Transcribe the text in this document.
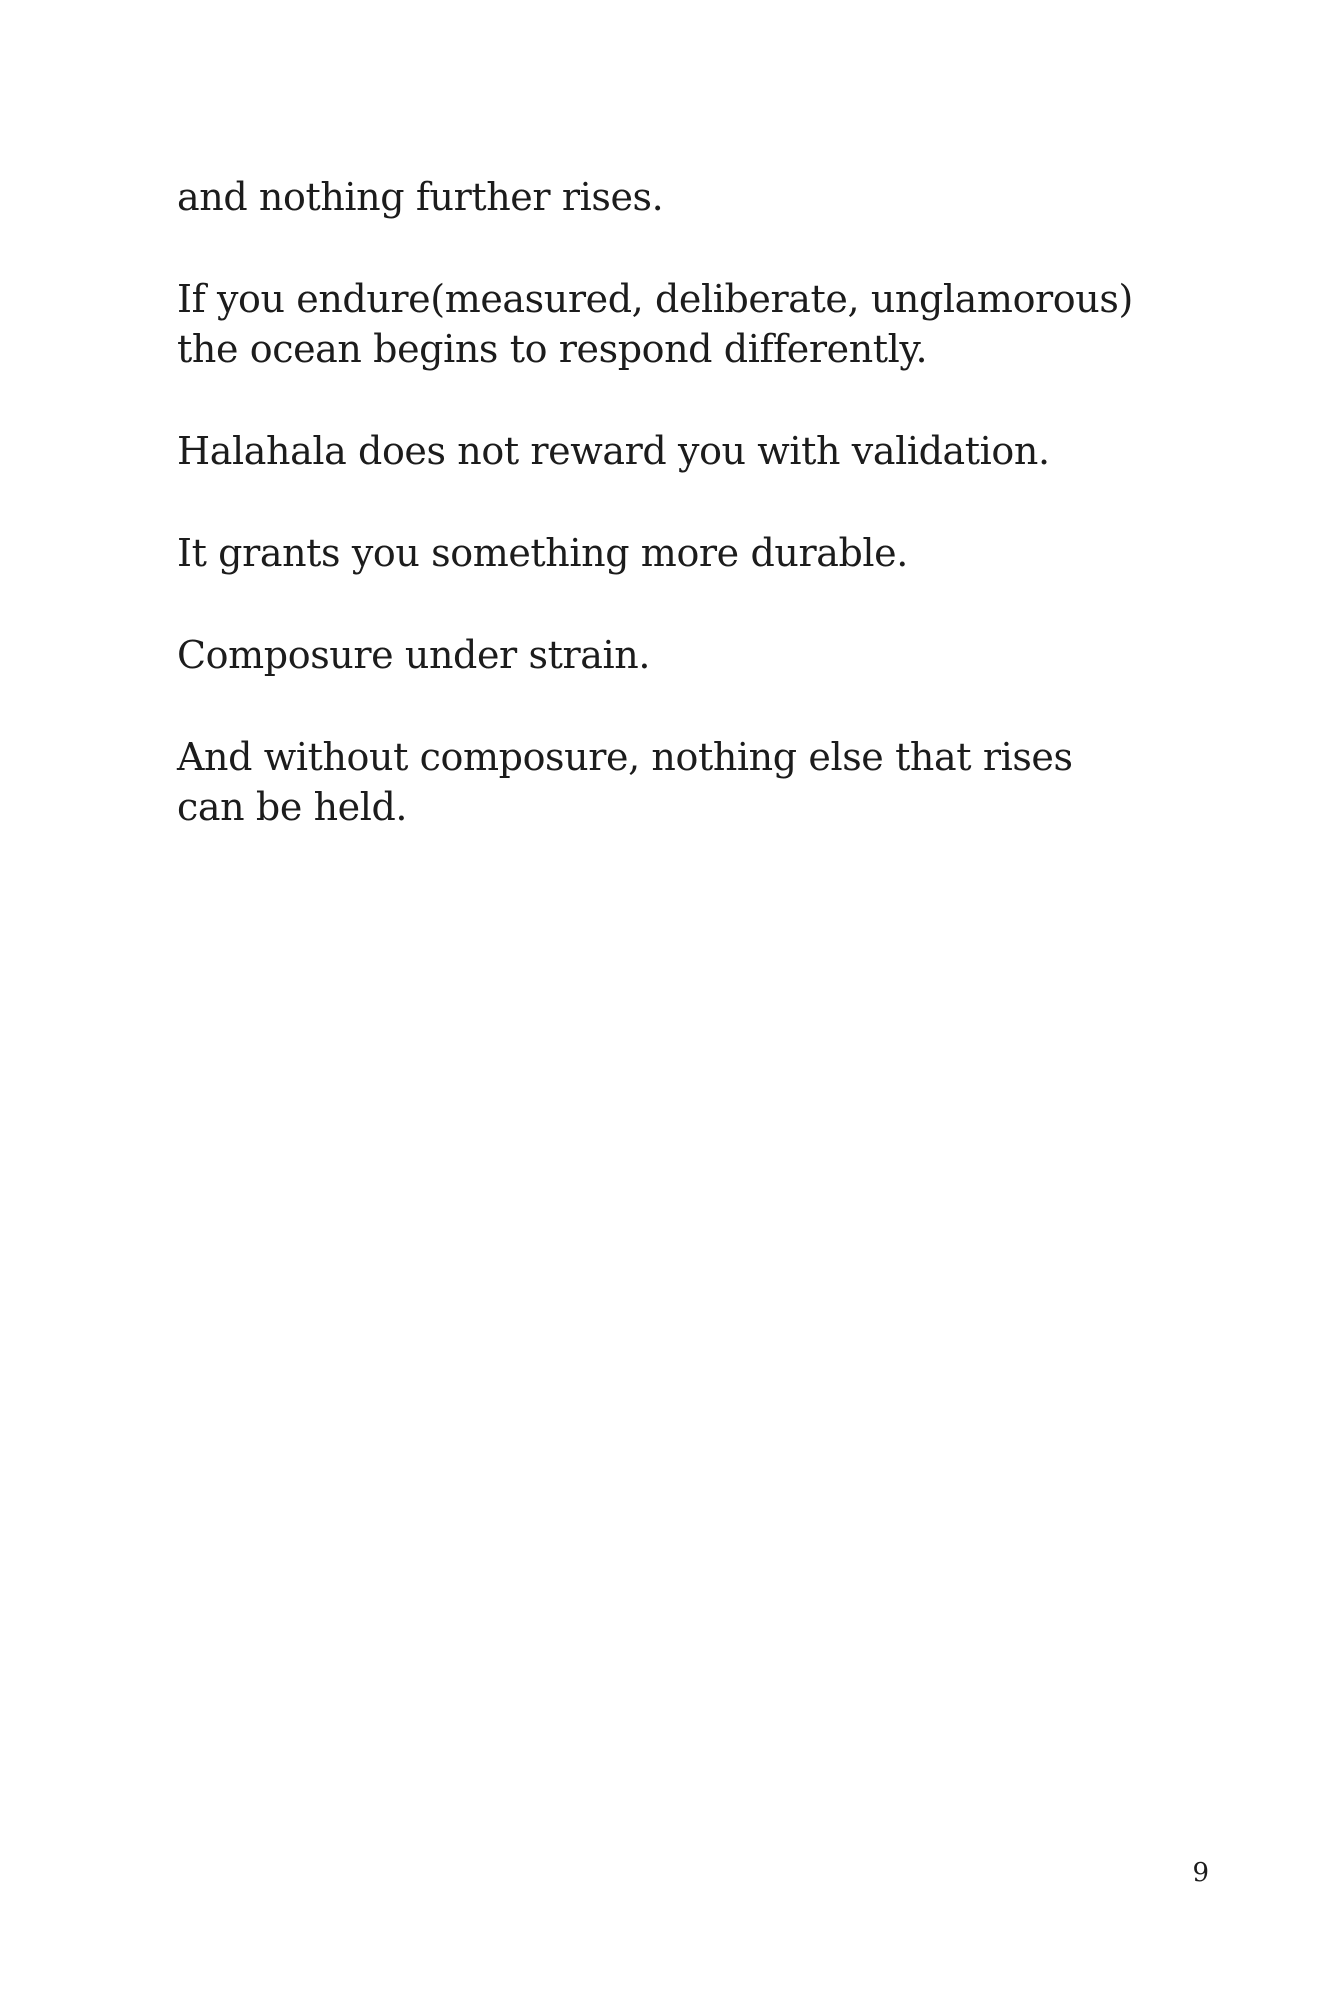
and nothing further rises.

If you endure(measured, deliberate, unglamorous) the ocean begins to respond differently.

Halahala does not reward you with validation.

It grants you something more durable.

Composure under strain.

And without composure, nothing else that rises can be held.

9
